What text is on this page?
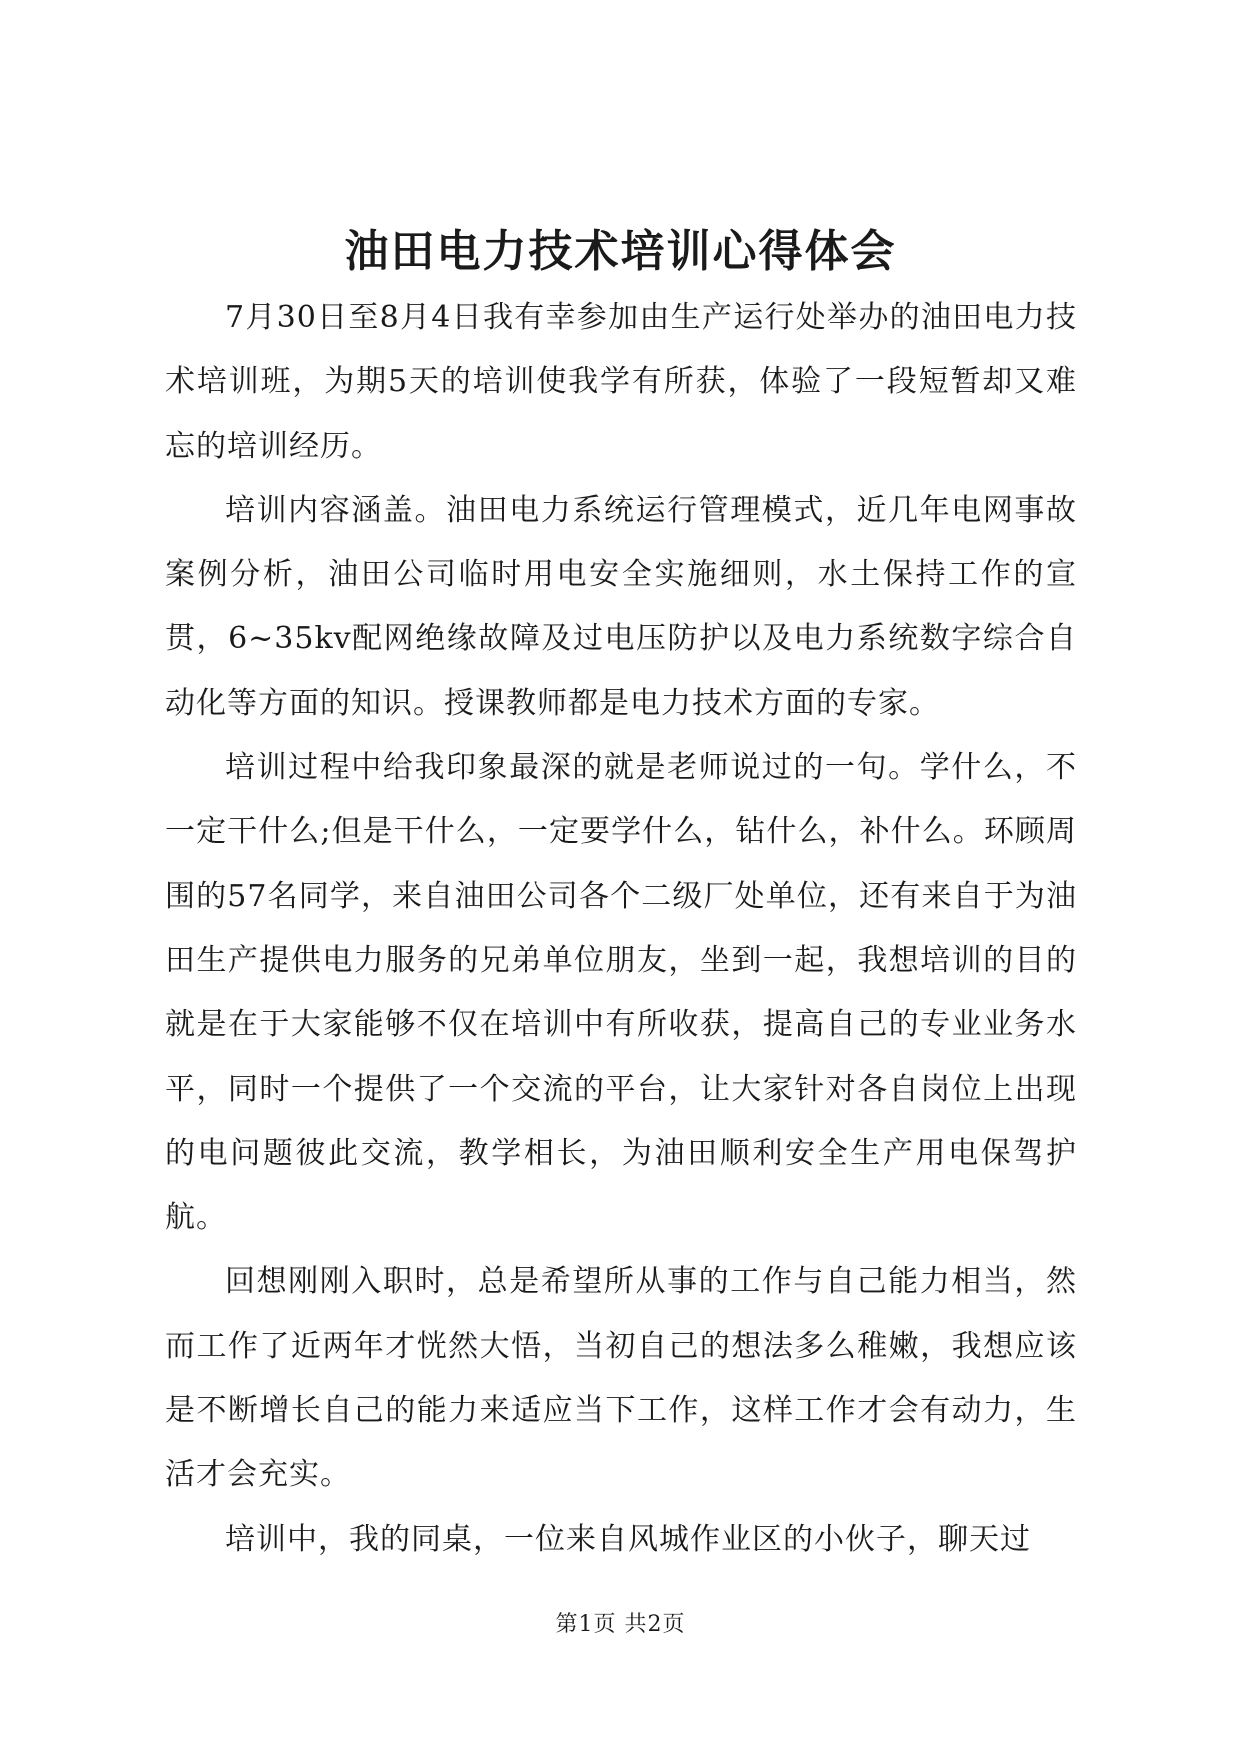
油田电力技术培训心得体会

7月30日至8月4日我有幸参加由生产运行处举办的油田电力技术培训班，为期5天的培训使我学有所获，体验了一段短暂却又难忘的培训经历。

培训内容涵盖。油田电力系统运行管理模式，近几年电网事故案例分析，油田公司临时用电安全实施细则，水土保持工作的宣贯，6~35kv配网绝缘故障及过电压防护以及电力系统数字综合自动化等方面的知识。授课教师都是电力技术方面的专家。

培训过程中给我印象最深的就是老师说过的一句。学什么，不一定干什么;但是干什么，一定要学什么，钻什么，补什么。环顾周围的57名同学，来自油田公司各个二级厂处单位，还有来自于为油田生产提供电力服务的兄弟单位朋友，坐到一起，我想培训的目的就是在于大家能够不仅在培训中有所收获，提高自己的专业业务水平，同时一个提供了一个交流的平台，让大家针对各自岗位上出现的电问题彼此交流，教学相长，为油田顺利安全生产用电保驾护航。

回想刚刚入职时，总是希望所从事的工作与自己能力相当，然而工作了近两年才恍然大悟，当初自己的想法多么稚嫩，我想应该是不断增长自己的能力来适应当下工作，这样工作才会有动力，生活才会充实。

培训中，我的同桌，一位来自风城作业区的小伙子，聊天过

第1页 共2页
